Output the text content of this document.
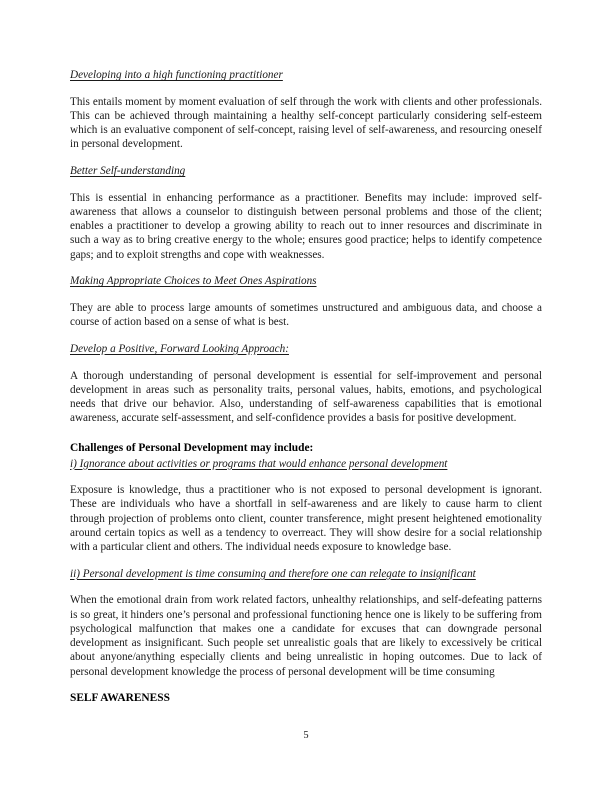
Developing into a high functioning practitioner

This entails moment by moment evaluation of self through the work with clients and other professionals. This can be achieved through maintaining a healthy self-concept particularly considering self-esteem which is an evaluative component of self-concept, raising level of self-awareness, and resourcing oneself in personal development.

Better Self-understanding

This is essential in enhancing performance as a practitioner. Benefits may include: improved self-awareness that allows a counselor to distinguish between personal problems and those of the client; enables a practitioner to develop a growing ability to reach out to inner resources and discriminate in such a way as to bring creative energy to the whole; ensures good practice; helps to identify competence gaps; and to exploit strengths and cope with weaknesses.

Making Appropriate Choices to Meet Ones Aspirations

They are able to process large amounts of sometimes unstructured and ambiguous data, and choose a course of action based on a sense of what is best.

Develop a Positive, Forward Looking Approach:

A thorough understanding of personal development is essential for self-improvement and personal development in areas such as personality traits, personal values, habits, emotions, and psychological needs that drive our behavior. Also, understanding of self-awareness capabilities that is emotional awareness, accurate self-assessment, and self-confidence provides a basis for positive development.

Challenges of Personal Development may include:
i) Ignorance about activities or programs that would enhance personal development

Exposure is knowledge, thus a practitioner who is not exposed to personal development is ignorant. These are individuals who have a shortfall in self-awareness and are likely to cause harm to client through projection of problems onto client, counter transference, might present heightened emotionality around certain topics as well as a tendency to overreact. They will show desire for a social relationship with a particular client and others. The individual needs exposure to knowledge base.

ii) Personal development is time consuming and therefore one can relegate to insignificant

When the emotional drain from work related factors, unhealthy relationships, and self-defeating patterns is so great, it hinders one’s personal and professional functioning hence one is likely to be suffering from psychological malfunction that makes one a candidate for excuses that can downgrade personal development as insignificant. Such people set unrealistic goals that are likely to excessively be critical about anyone/anything especially clients and being unrealistic in hoping outcomes. Due to lack of personal development knowledge the process of personal development will be time consuming

SELF AWARENESS
5
